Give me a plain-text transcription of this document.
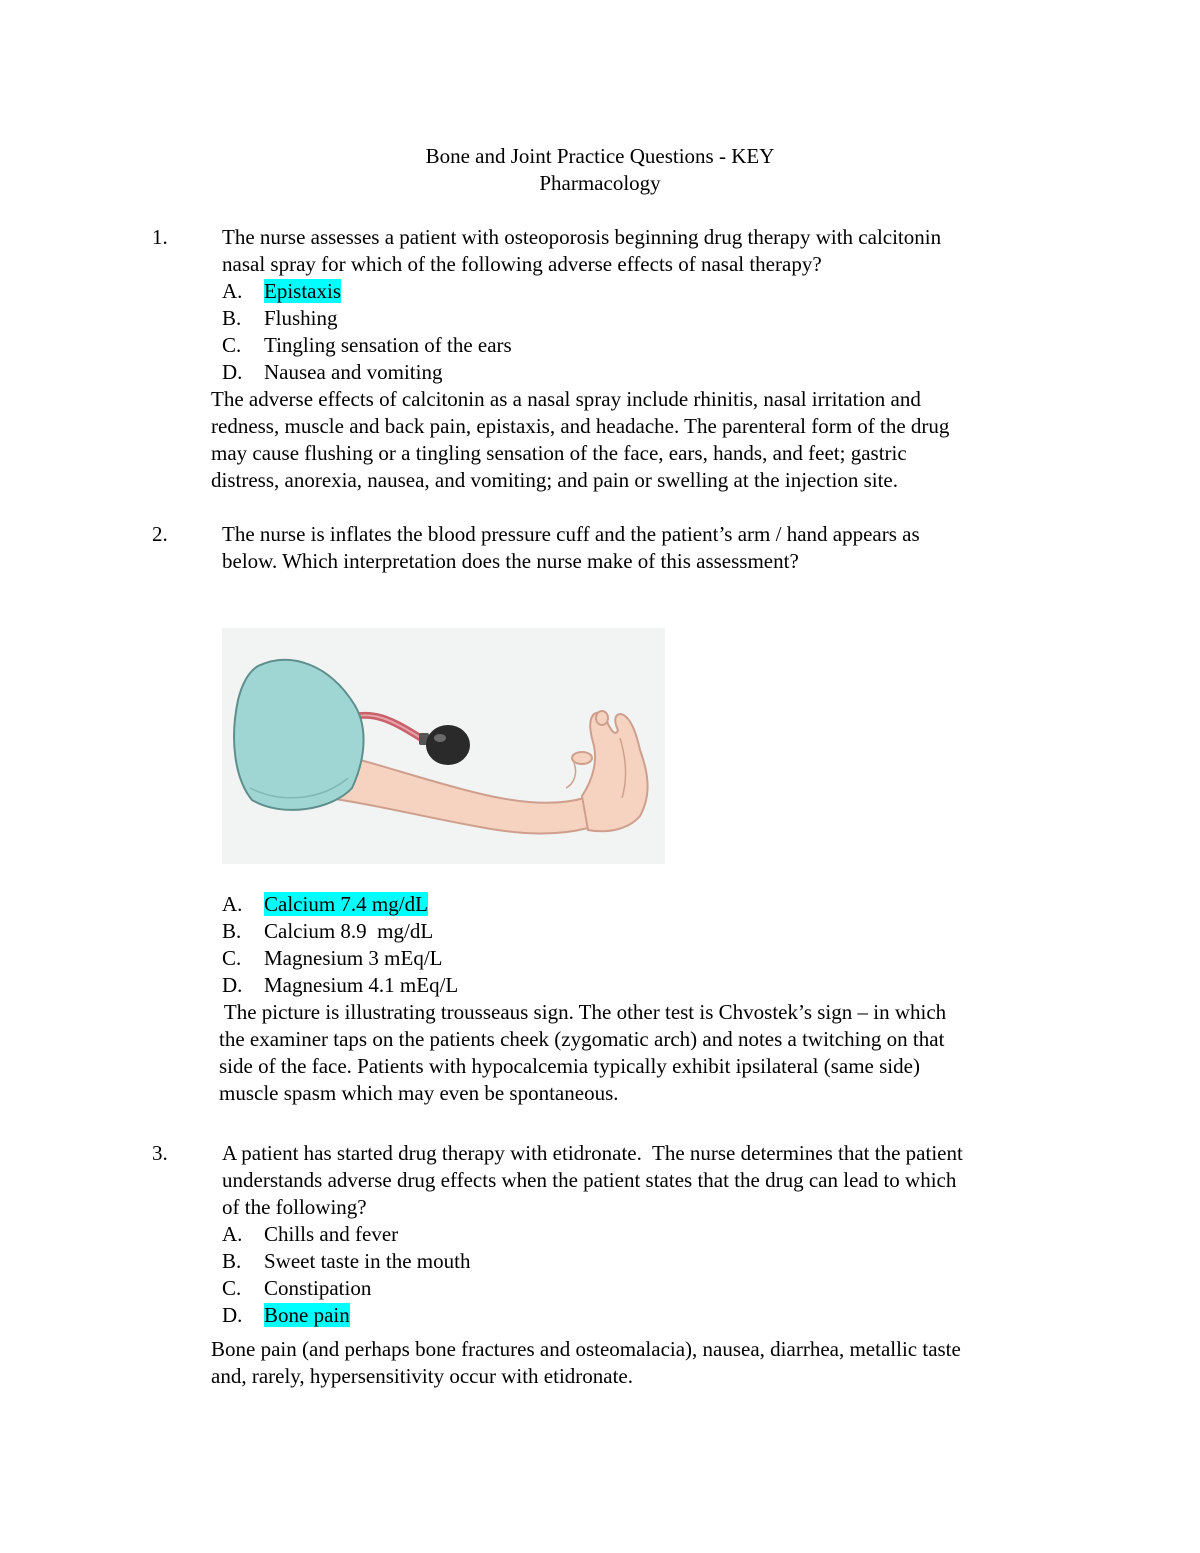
Bone and Joint Practice Questions - KEY
Pharmacology
1.	The nurse assesses a patient with osteoporosis beginning drug therapy with calcitonin
nasal spray for which of the following adverse effects of nasal therapy?
A. Epistaxis
B. Flushing
C. Tingling sensation of the ears
D. Nausea and vomiting
The adverse effects of calcitonin as a nasal spray include rhinitis, nasal irritation and
redness, muscle and back pain, epistaxis, and headache. The parenteral form of the drug
may cause flushing or a tingling sensation of the face, ears, hands, and feet; gastric
distress, anorexia, nausea, and vomiting; and pain or swelling at the injection site.
2.	The nurse is inflates the blood pressure cuff and the patient’s arm / hand appears as
below. Which interpretation does the nurse make of this assessment?
A. Calcium 7.4 mg/dL
B. Calcium 8.9  mg/dL
C. Magnesium 3 mEq/L
D. Magnesium 4.1 mEq/L
The picture is illustrating trousseaus sign. The other test is Chvostek’s sign – in which
the examiner taps on the patients cheek (zygomatic arch) and notes a twitching on that
side of the face. Patients with hypocalcemia typically exhibit ipsilateral (same side)
muscle spasm which may even be spontaneous.
3.	A patient has started drug therapy with etidronate.  The nurse determines that the patient
understands adverse drug effects when the patient states that the drug can lead to which
of the following?
A. Chills and fever
B. Sweet taste in the mouth
C. Constipation
D. Bone pain
Bone pain (and perhaps bone fractures and osteomalacia), nausea, diarrhea, metallic taste
and, rarely, hypersensitivity occur with etidronate.
